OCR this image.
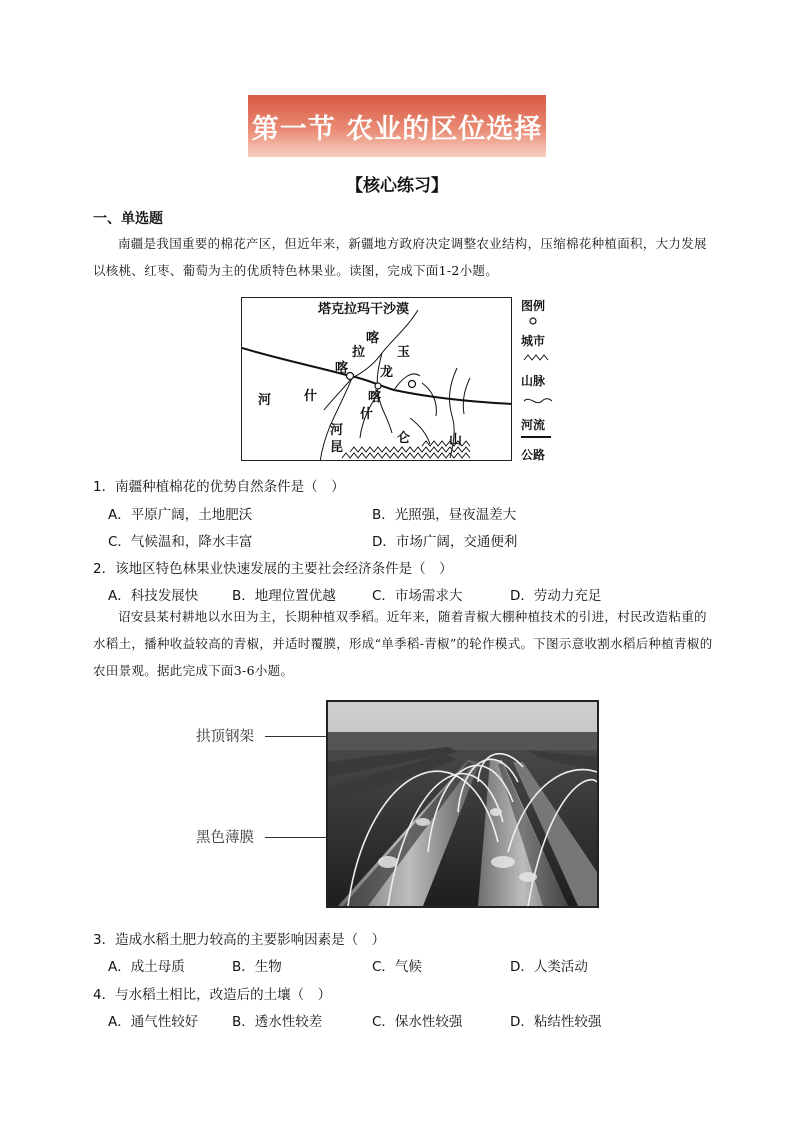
第一节 农业的区位选择
【核心练习】
一、单选题
南疆是我国重要的棉花产区，但近年来，新疆地方政府决定调整农业结构，压缩棉花种植面积，大力发展以核桃、红枣、葡萄为主的优质特色林果业。读图，完成下面1-2小题。
塔克拉玛干沙漠
喀
拉 玉
喀 龙
河	什	喀
什
河
昆
仑	山
图例
城市
山脉
河流
公路
1．南疆种植棉花的优势自然条件是（　）
A．平原广阔，土地肥沃	B．光照强，昼夜温差大
C．气候温和，降水丰富	D．市场广阔，交通便利
2．该地区特色林果业快速发展的主要社会经济条件是（　）
A．科技发展快	B．地理位置优越	C．市场需求大	D．劳动力充足
诏安县某村耕地以水田为主，长期种植双季稻。近年来，随着青椒大棚种植技术的引进，村民改造粘重的水稻土，播种收益较高的青椒，并适时覆膜，形成“单季稻-青椒”的轮作模式。下图示意收割水稻后种植青椒的农田景观。据此完成下面3-6小题。
拱顶钢架
黑色薄膜
3．造成水稻土肥力较高的主要影响因素是（　）
A．成土母质	B．生物	C．气候	D．人类活动
4．与水稻土相比，改造后的土壤（　）
A．通气性较好	B．透水性较差	C．保水性较强	D．粘结性较强
